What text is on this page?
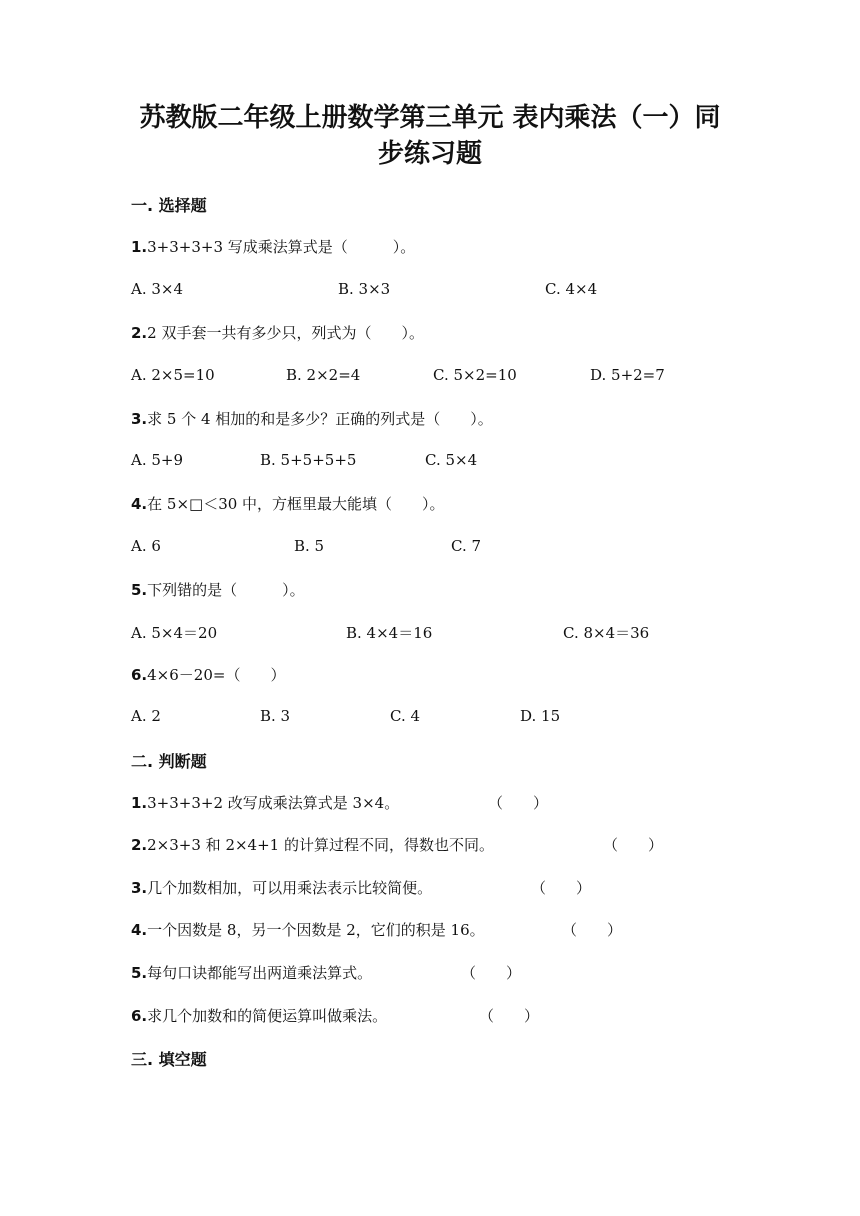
苏教版二年级上册数学第三单元 表内乘法（一）同
步练习题
一. 选择题
1.3+3+3+3 写成乘法算式是（　　　）。
A. 3×4	B. 3×3	C. 4×4
2.2 双手套一共有多少只，列式为（　　）。
A. 2×5=10	B. 2×2=4	C. 5×2=10	D. 5+2=7
3.求 5 个 4 相加的和是多少？正确的列式是（　　）。
A. 5+9	B. 5+5+5+5	C. 5×4
4.在 5×□＜30 中，方框里最大能填（　　）。
A. 6	B. 5	C. 7
5.下列错的是（　　　）。
A. 5×4＝20	B. 4×4＝16	C. 8×4＝36
6.4×6－20=（　　）
A. 2	B. 3	C. 4	D. 15
二. 判断题
1.3+3+3+2 改写成乘法算式是 3×4。	（　　）
2.2×3+3 和 2×4+1 的计算过程不同，得数也不同。	（　　）
3.几个加数相加，可以用乘法表示比较简便。	（　　）
4.一个因数是 8，另一个因数是 2，它们的积是 16。	（　　）
5.每句口诀都能写出两道乘法算式。	（　　）
6.求几个加数和的简便运算叫做乘法。	（　　）
三. 填空题
